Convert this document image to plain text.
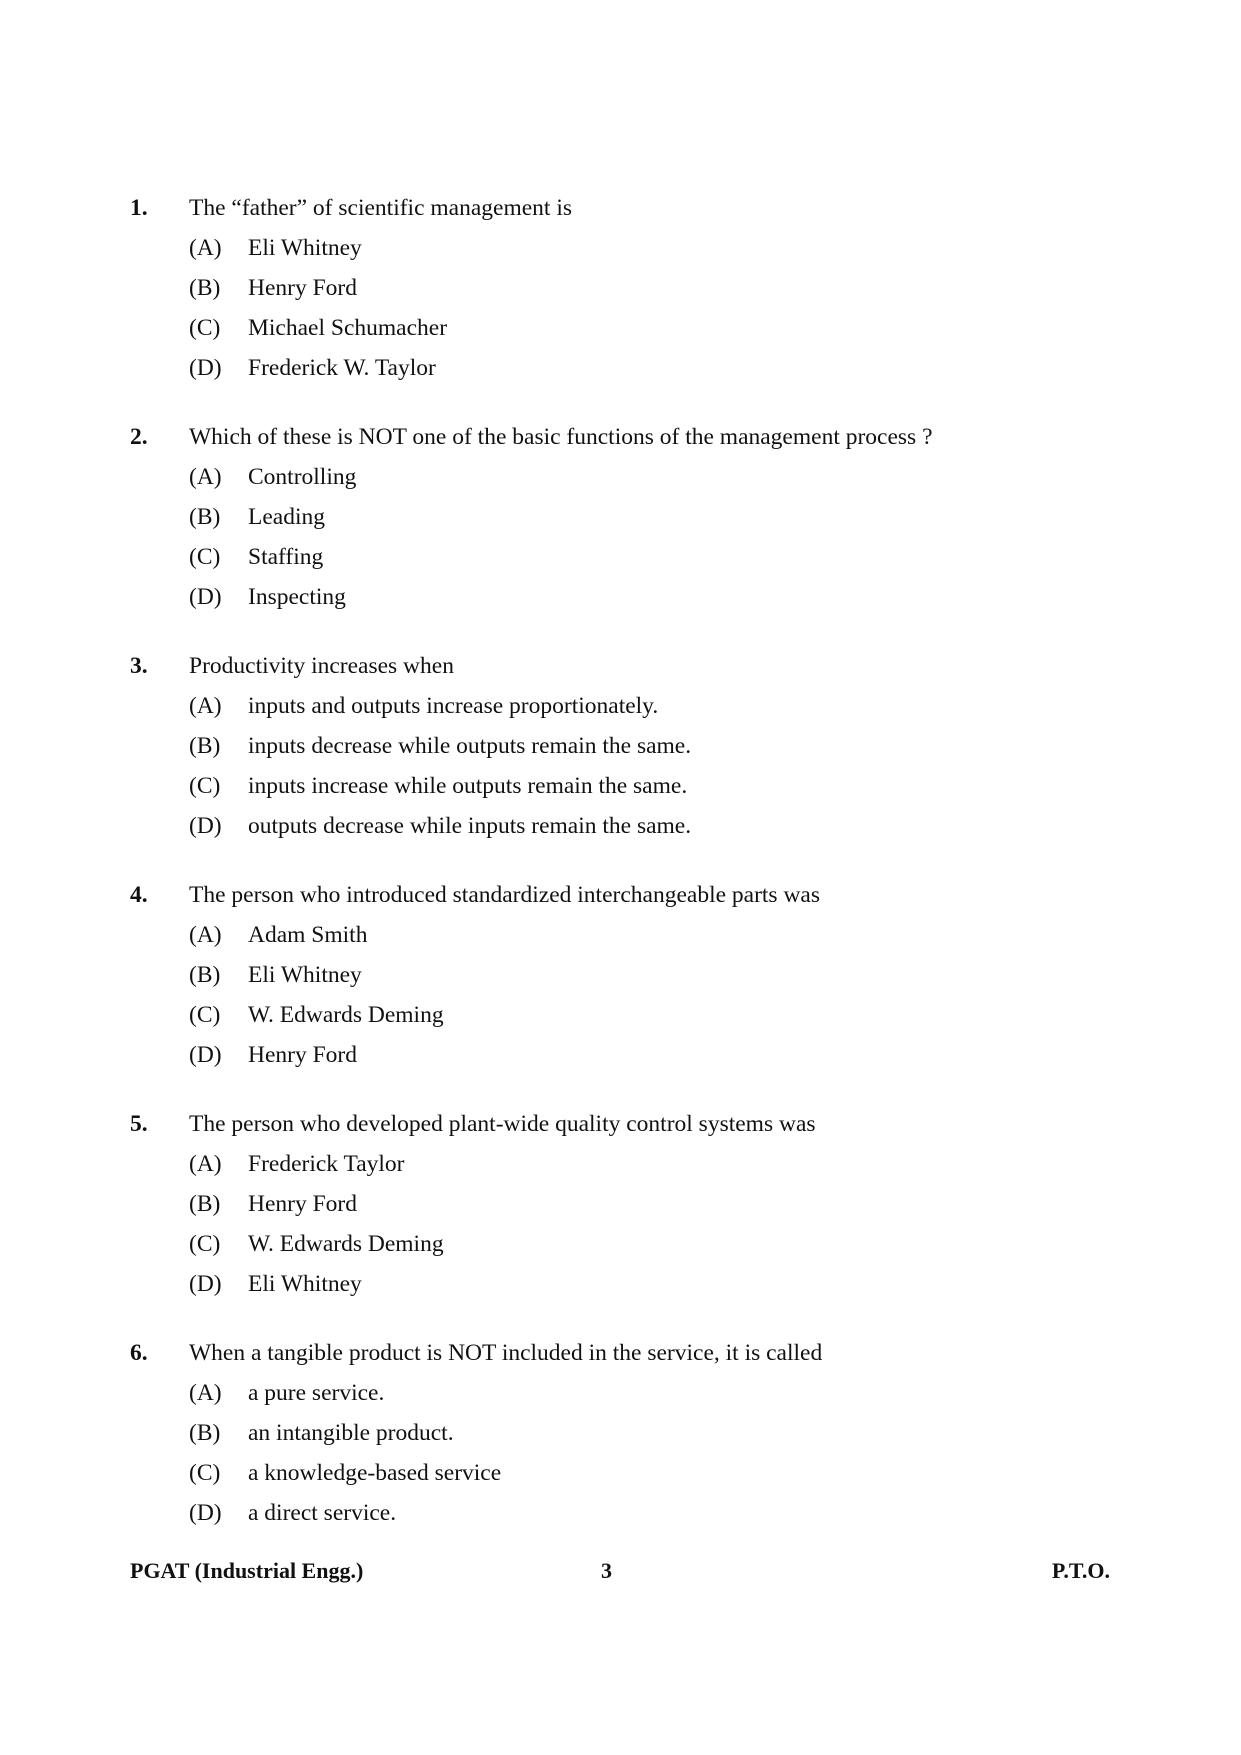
1. The “father” of scientific management is
(A) Eli Whitney
(B) Henry Ford
(C) Michael Schumacher
(D) Frederick W. Taylor
2. Which of these is NOT one of the basic functions of the management process ?
(A) Controlling
(B) Leading
(C) Staffing
(D) Inspecting
3. Productivity increases when
(A) inputs and outputs increase proportionately.
(B) inputs decrease while outputs remain the same.
(C) inputs increase while outputs remain the same.
(D) outputs decrease while inputs remain the same.
4. The person who introduced standardized interchangeable parts was
(A) Adam Smith
(B) Eli Whitney
(C) W. Edwards Deming
(D) Henry Ford
5. The person who developed plant-wide quality control systems was
(A) Frederick Taylor
(B) Henry Ford
(C) W. Edwards Deming
(D) Eli Whitney
6. When a tangible product is NOT included in the service, it is called
(A) a pure service.
(B) an intangible product.
(C) a knowledge-based service
(D) a direct service.
PGAT (Industrial Engg.)	3	P.T.O.
